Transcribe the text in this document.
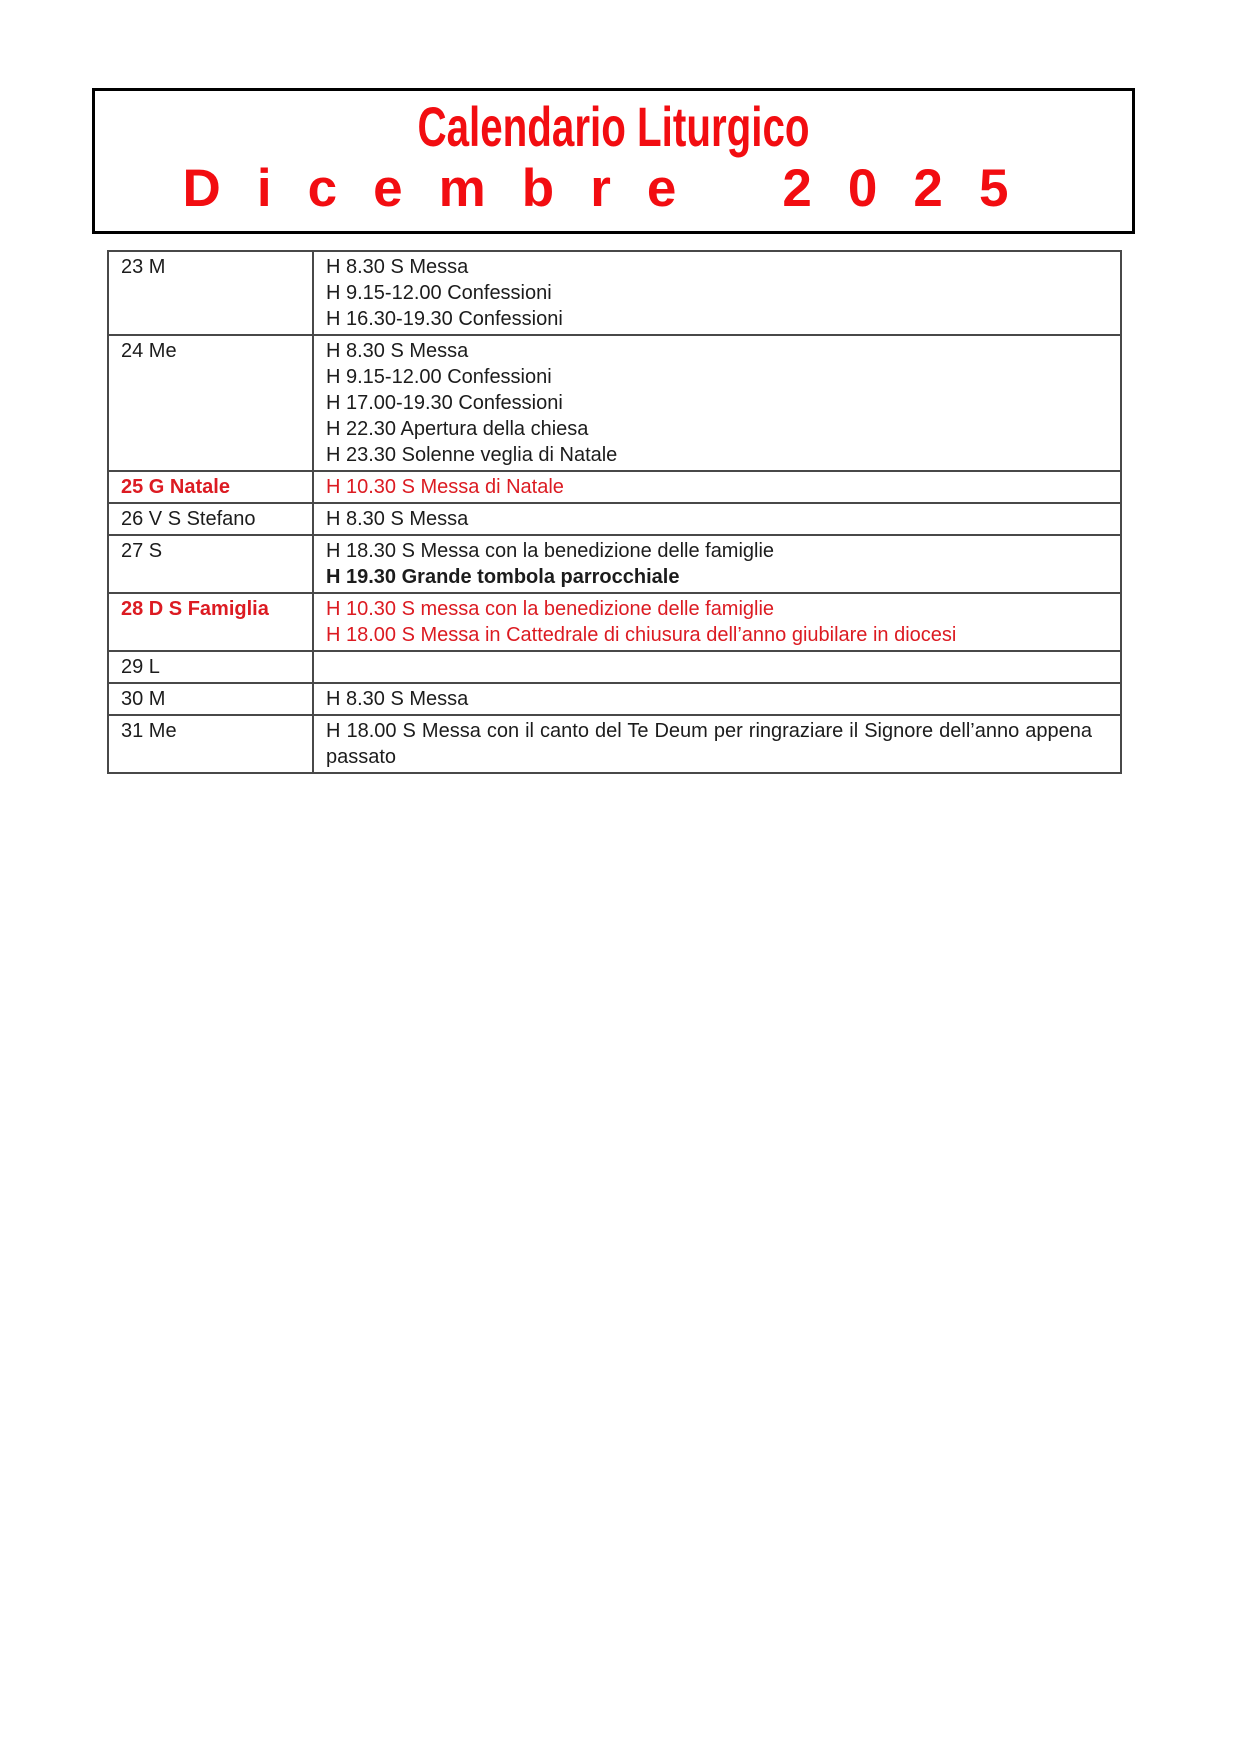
Calendario Liturgico
Dicembre 2025
23 M	H 8.30 S Messa
H 9.15-12.00 Confessioni
H 16.30-19.30 Confessioni

24 Me	H 8.30 S Messa
H 9.15-12.00 Confessioni
H 17.00-19.30 Confessioni
H 22.30 Apertura della chiesa
H 23.30 Solenne veglia di Natale

25 G Natale	H 10.30 S Messa di Natale

26 V S Stefano	H 8.30 S Messa

27 S	H 18.30 S Messa con la benedizione delle famiglie
H 19.30 Grande tombola parrocchiale

28 D S Famiglia	H 10.30 S messa con la benedizione delle famiglie
H 18.00 S Messa in Cattedrale di chiusura dell’anno giubilare in diocesi

29 L	
30 M	H 8.30 S Messa

31 Me	H 18.00 S Messa con il canto del Te Deum per ringraziare il Signore dell’anno appena passato
